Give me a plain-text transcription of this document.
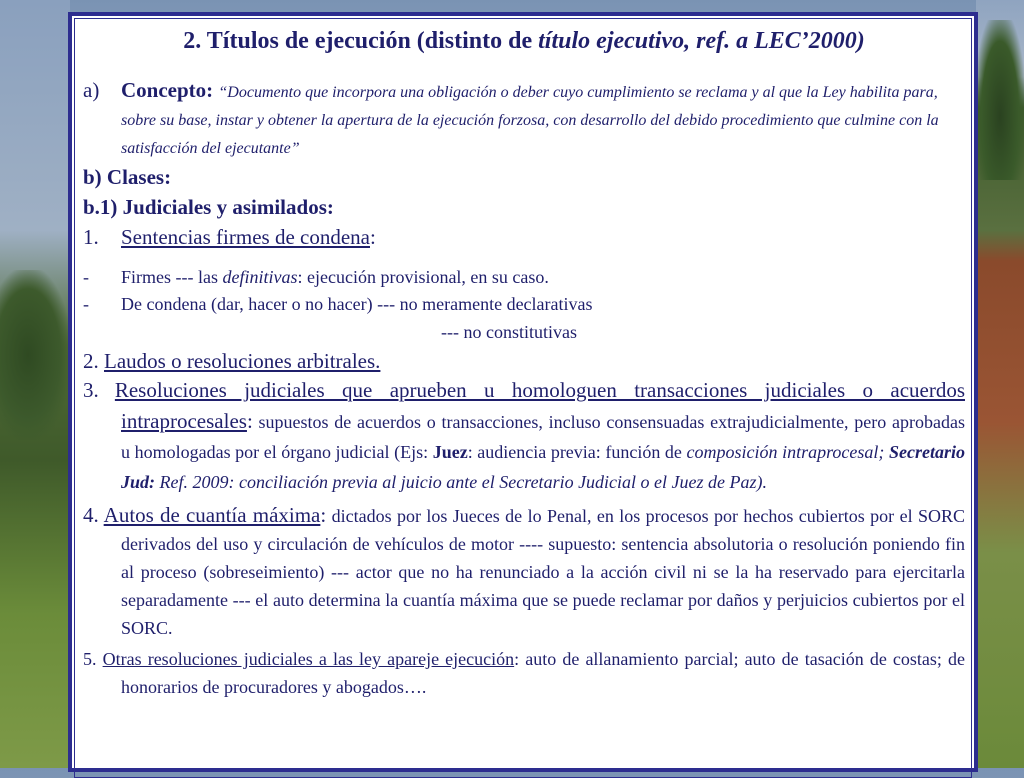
2. Títulos de ejecución (distinto de título ejecutivo, ref. a LEC’2000)

a) Concepto: “Documento que incorpora una obligación o deber cuyo cumplimiento se reclama y al que la Ley habilita para, sobre su base, instar y obtener la apertura de la ejecución forzosa, con desarrollo del debido procedimiento que culmine con la satisfacción del ejecutante”
b) Clases:
b.1) Judiciales y asimilados:
1. Sentencias firmes de condena:
- Firmes --- las definitivas: ejecución provisional, en su caso.
- De condena (dar, hacer o no hacer) --- no meramente declarativas
--- no constitutivas
2. Laudos o resoluciones arbitrales.
3. Resoluciones judiciales que aprueben u homologuen transacciones judiciales o acuerdos intraprocesales: supuestos de acuerdos o transacciones, incluso consensuadas extrajudicialmente, pero aprobadas u homologadas por el órgano judicial (Ejs: Juez: audiencia previa: función de composición intraprocesal; Secretario Jud: Ref. 2009: conciliación previa al juicio ante el Secretario Judicial o el Juez de Paz).
4. Autos de cuantía máxima: dictados por los Jueces de lo Penal, en los procesos por hechos cubiertos por el SORC derivados del uso y circulación de vehículos de motor ---- supuesto: sentencia absolutoria o resolución poniendo fin al proceso (sobreseimiento) --- actor que no ha renunciado a la acción civil ni se la ha reservado para ejercitarla separadamente --- el auto determina la cuantía máxima que se puede reclamar por daños y perjuicios cubiertos por el SORC.
5. Otras resoluciones judiciales a las ley apareje ejecución: auto de allanamiento parcial; auto de tasación de costas; de honorarios de procuradores y abogados….
